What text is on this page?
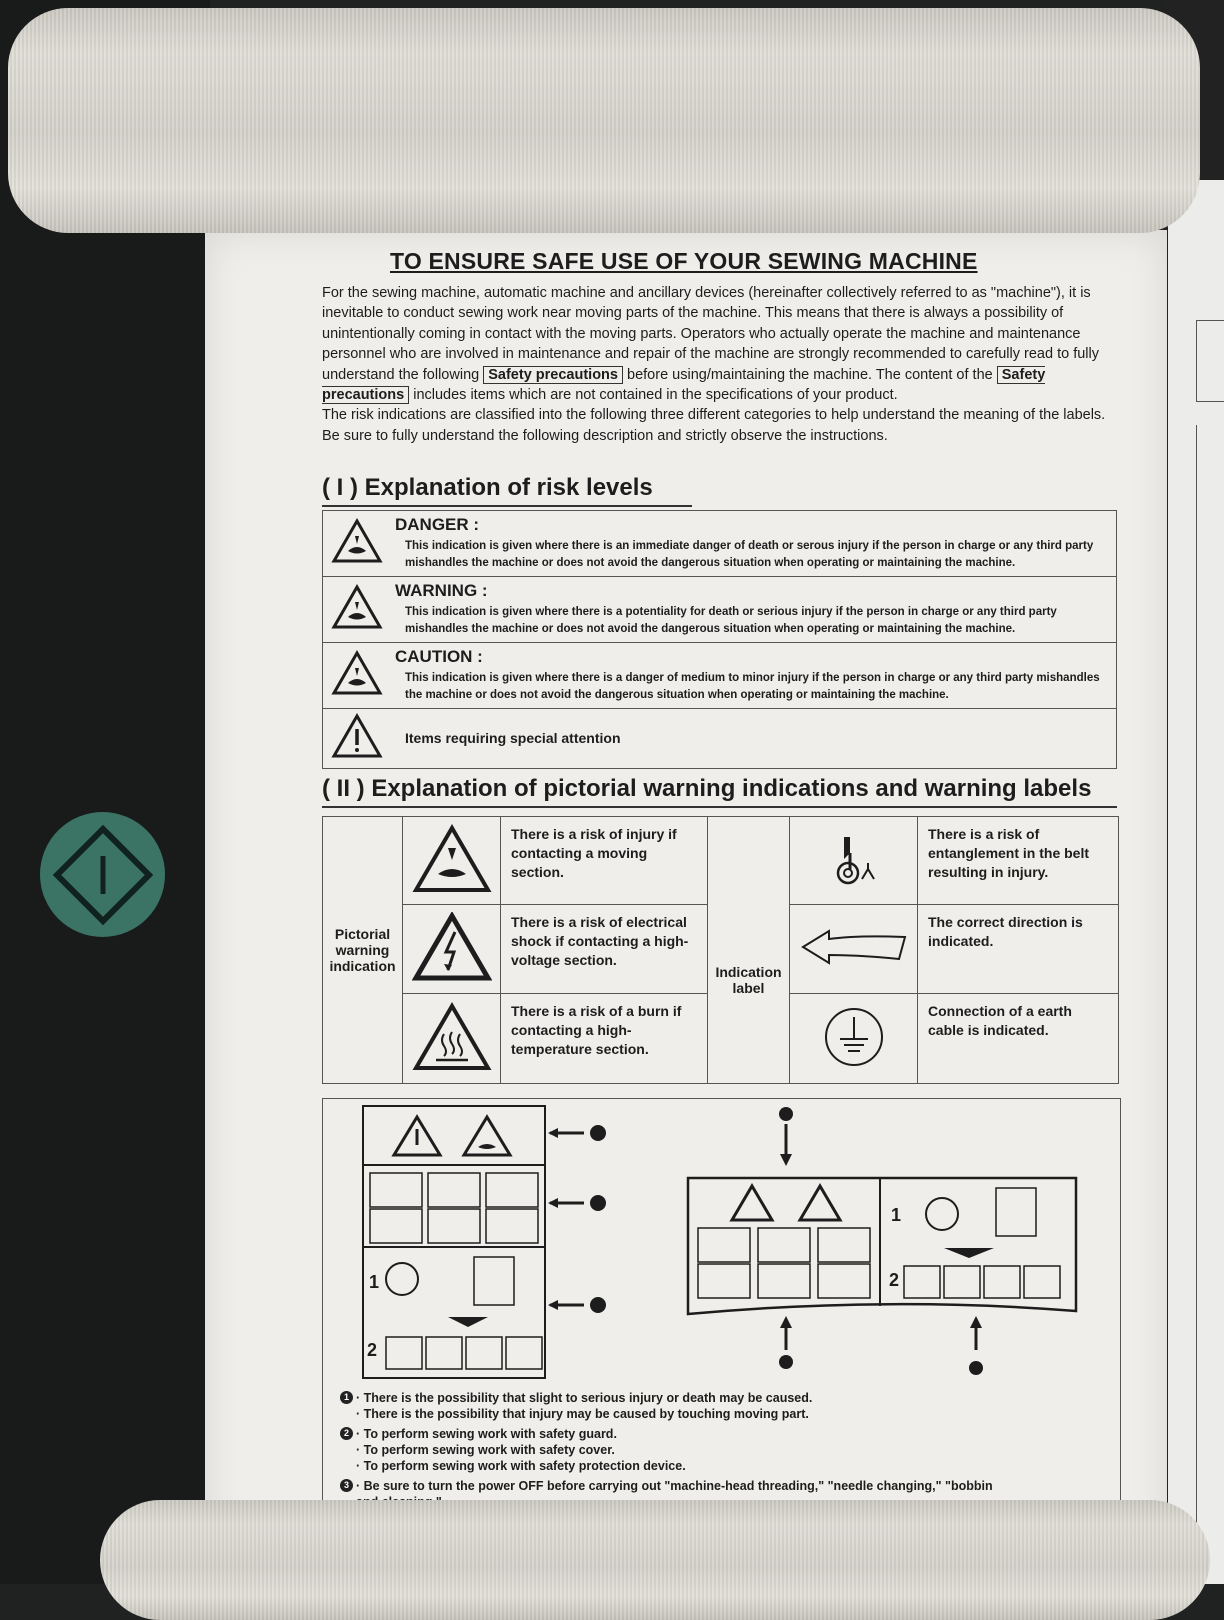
TO ENSURE SAFE USE OF YOUR SEWING MACHINE

For the sewing machine, automatic machine and ancillary devices (hereinafter collectively referred to as "machine"), it is inevitable to conduct sewing work near moving parts of the machine. This means that there is always a possibility of unintentionally coming in contact with the moving parts. Operators who actually operate the machine and maintenance personnel who are involved in maintenance and repair of the machine are strongly recommended to carefully read to fully understand the following Safety precautions before using/maintaining the machine. The content of the Safety precautions includes items which are not contained in the specifications of your product.
The risk indications are classified into the following three different categories to help understand the meaning of the labels. Be sure to fully understand the following description and strictly observe the instructions.

( I ) Explanation of risk levels

DANGER :
This indication is given where there is an immediate danger of death or serous injury if the person in charge or any third party mishandles the machine or does not avoid the dangerous situation when operating or maintaining the machine.

WARNING :
This indication is given where there is a potentiality for death or serious injury if the person in charge or any third party mishandles the machine or does not avoid the dangerous situation when operating or maintaining the machine.

CAUTION :
This indication is given where there is a danger of medium to minor injury if the person in charge or any third party mishandles the machine or does not avoid the dangerous situation when operating or maintaining the machine.

Items requiring special attention
( II ) Explanation of pictorial warning indications and warning labels
Pictorial warning indication		There is a risk of injury if contacting a moving section.	Indication label		There is a risk of entanglement in the belt resulting in injury.
	There is a risk of electrical shock if contacting a high-voltage section.			The correct direction is indicated.
	There is a risk of a burn if contacting a high-temperature section.			Connection of a earth cable is indicated.
1
2
1
2
1 · There is the possibility that slight to serious injury or death may be caused.
· There is the possibility that injury may be caused by touching moving part.
2 · To perform sewing work with safety guard.
· To perform sewing work with safety cover.
· To perform sewing work with safety protection device.
3 · Be sure to turn the power OFF before carrying out "machine-head threading," "needle changing," "bobbin
